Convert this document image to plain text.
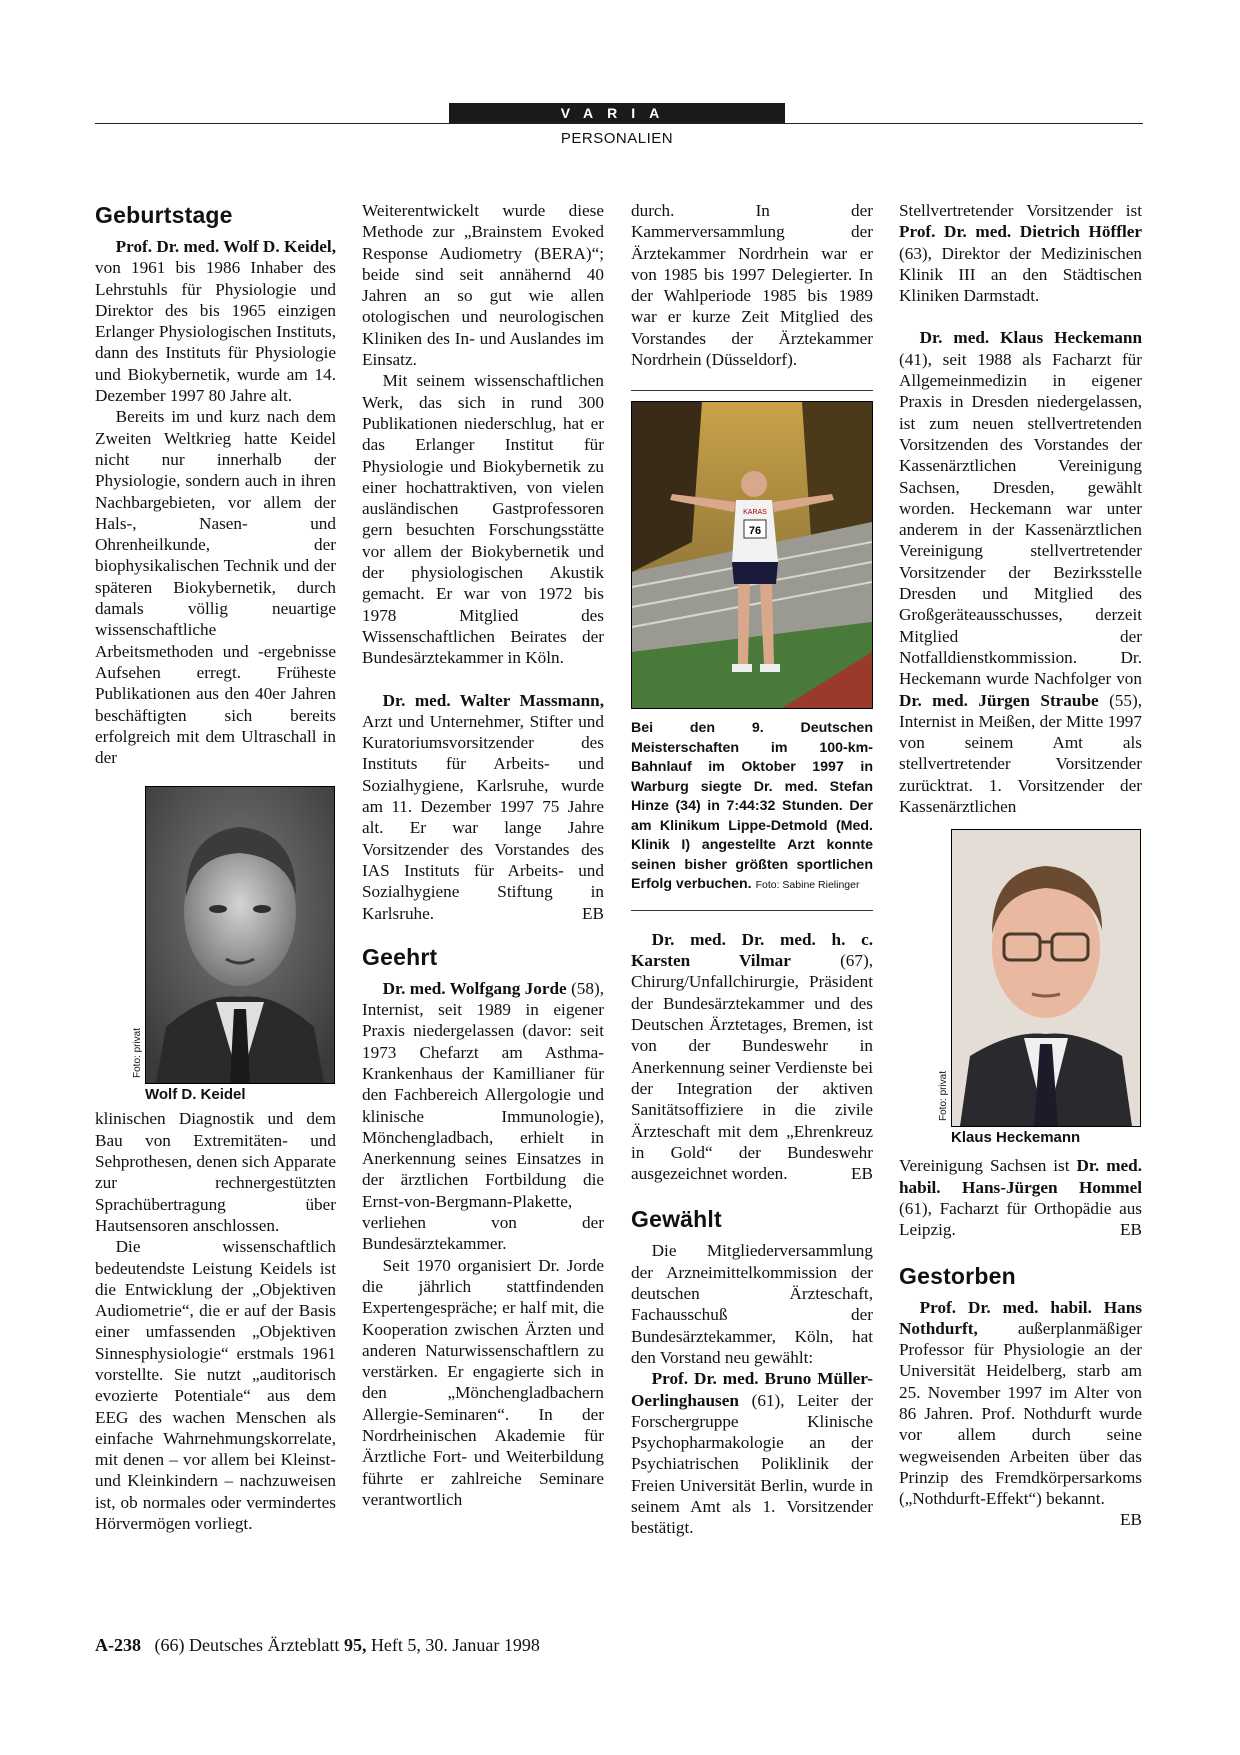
VARIA
PERSONALIEN
Geburtstage

Prof. Dr. med. Wolf D. Keidel, von 1961 bis 1986 Inhaber des Lehrstuhls für Physiologie und Direktor des bis 1965 einzigen Erlanger Physiologischen Instituts, dann des Instituts für Physiologie und Biokybernetik, wurde am 14. Dezember 1997 80 Jahre alt.

Bereits im und kurz nach dem Zweiten Weltkrieg hatte Keidel nicht nur innerhalb der Physiologie, sondern auch in ihren Nachbargebieten, vor allem der Hals-, Nasen- und Ohrenheilkunde, der biophysikalischen Technik und der späteren Biokybernetik, durch damals völlig neuartige wissenschaftliche Arbeitsmethoden und -ergebnisse Aufsehen erregt. Früheste Publikationen aus den 40er Jahren beschäftigten sich bereits erfolgreich mit dem Ultraschall in der

Foto: privat
Wolf D. Keidel

klinischen Diagnostik und dem Bau von Extremitäten- und Sehprothesen, denen sich Apparate zur rechnergestützten Sprachübertragung über Hautsensoren anschlossen.

Die wissenschaftlich bedeutendste Leistung Keidels ist die Entwicklung der „Objektiven Audiometrie“, die er auf der Basis einer umfassenden „Objektiven Sinnesphysiologie“ erstmals 1961 vorstellte. Sie nutzt „auditorisch evozierte Potentiale“ aus dem EEG des wachen Menschen als einfache Wahrnehmungskorrelate, mit denen – vor allem bei Kleinst- und Kleinkindern – nachzuweisen ist, ob normales oder vermindertes Hörvermögen vorliegt.

Weiterentwickelt wurde diese Methode zur „Brainstem Evoked Response Audiometry (BERA)“; beide sind seit annähernd 40 Jahren an so gut wie allen otologischen und neurologischen Kliniken des In- und Auslandes im Einsatz.

Mit seinem wissenschaftlichen Werk, das sich in rund 300 Publikationen niederschlug, hat er das Erlanger Institut für Physiologie und Biokybernetik zu einer hochattraktiven, von vielen ausländischen Gastprofessoren gern besuchten Forschungsstätte vor allem der Biokybernetik und der physiologischen Akustik gemacht. Er war von 1972 bis 1978 Mitglied des Wissenschaftlichen Beirates der Bundesärztekammer in Köln.

Dr. med. Walter Massmann, Arzt und Unternehmer, Stifter und Kuratoriumsvorsitzender des Instituts für Arbeits- und Sozialhygiene, Karlsruhe, wurde am 11. Dezember 1997 75 Jahre alt. Er war lange Jahre Vorsitzender des Vorstandes des IAS Instituts für Arbeits- und Sozialhygiene Stiftung in Karlsruhe.	EB

Geehrt

Dr. med. Wolfgang Jorde (58), Internist, seit 1989 in eigener Praxis niedergelassen (davor: seit 1973 Chefarzt am Asthma-Krankenhaus der Kamillianer für den Fachbereich Allergologie und klinische Immunologie), Mönchengladbach, erhielt in Anerkennung seines Einsatzes in der ärztlichen Fortbildung die Ernst-von-Bergmann-Plakette, verliehen von der Bundesärztekammer.

Seit 1970 organisiert Dr. Jorde die jährlich stattfindenden Expertengespräche; er half mit, die Kooperation zwischen Ärzten und anderen Naturwissenschaftlern zu verstärken. Er engagierte sich in den „Mönchengladbachern Allergie-Seminaren“. In der Nordrheinischen Akademie für Ärztliche Fort- und Weiterbildung führte er zahlreiche Seminare verantwortlich

durch. In der Kammerversammlung der Ärztekammer Nordrhein war er von 1985 bis 1997 Delegierter. In der Wahlperiode 1985 bis 1989 war er kurze Zeit Mitglied des Vorstandes der Ärztekammer Nordrhein (Düsseldorf).

76
KARAS
Bei den 9. Deutschen Meisterschaften im 100-km-Bahnlauf im Oktober 1997 in Warburg siegte Dr. med. Stefan Hinze (34) in 7:44:32 Stunden. Der am Klinikum Lippe-Detmold (Med. Klinik I) angestellte Arzt konnte seinen bisher größten sportlichen Erfolg verbuchen. Foto: Sabine Rielinger

Dr. med. Dr. med. h. c. Karsten Vilmar	(67), Chirurg/Unfallchirurgie, Präsident der Bundesärztekammer und des Deutschen Ärztetages, Bremen, ist von der Bundeswehr in Anerkennung seiner Verdienste bei der Integration der aktiven Sanitätsoffiziere in die zivile Ärzteschaft mit dem „Ehrenkreuz in Gold“ der Bundeswehr ausgezeichnet worden.	EB

Gewählt

Die Mitgliederversammlung der Arzneimittelkommission der deutschen Ärzteschaft, Fachausschuß der Bundesärztekammer, Köln, hat den Vorstand neu gewählt:

Prof. Dr. med. Bruno Müller-Oerlinghausen (61), Leiter der Forschergruppe Klinische Psychopharmakologie an der Psychiatrischen Poliklinik der Freien Universität Berlin, wurde in seinem Amt als 1. Vorsitzender bestätigt.

Stellvertretender Vorsitzender ist Prof. Dr. med. Dietrich Höffler (63), Direktor der Medizinischen Klinik III an den Städtischen Kliniken Darmstadt.

Dr. med. Klaus Heckemann (41), seit 1988 als Facharzt für Allgemeinmedizin in eigener Praxis in Dresden niedergelassen, ist zum neuen stellvertretenden Vorsitzenden des Vorstandes der Kassenärztlichen Vereinigung Sachsen, Dresden, gewählt worden. Heckemann war unter anderem in der Kassenärztlichen Vereinigung stellvertretender Vorsitzender der Bezirksstelle Dresden und Mitglied des Großgeräteausschusses, derzeit Mitglied der Notfalldienstkommission. Dr. Heckemann wurde Nachfolger von Dr. med. Jürgen Straube (55), Internist in Meißen, der Mitte 1997 von seinem Amt als stellvertretender Vorsitzender zurücktrat. 1. Vorsitzender der Kassenärztlichen

Foto: privat
Klaus Heckemann

Vereinigung Sachsen ist Dr. med. habil. Hans-Jürgen Hommel (61), Facharzt für Orthopädie aus Leipzig.	EB

Gestorben

Prof. Dr. med. habil. Hans Nothdurft, außerplanmäßiger Professor für Physiologie an der Universität Heidelberg, starb am 25. November 1997 im Alter von 86 Jahren. Prof. Nothdurft wurde vor allem durch seine wegweisenden Arbeiten über das Prinzip des Fremdkörpersarkoms („Nothdurft-Effekt“) bekannt.
EB

A-238 (66) Deutsches Ärzteblatt 95, Heft 5, 30. Januar 1998
